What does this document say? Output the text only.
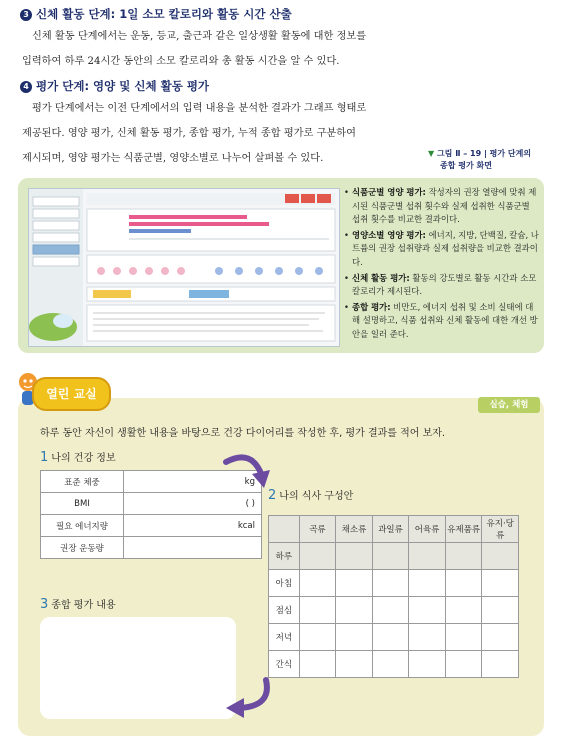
3 신체 활동 단계: 1일 소모 칼로리와 활동 시간 산출
신체 활동 단계에서는 운동, 등교, 출근과 같은 일상생활 활동에 대한 정보를
입력하여 하루 24시간 동안의 소모 칼로리와 총 활동 시간을 알 수 있다.
4 평가 단계: 영양 및 신체 활동 평가
평가 단계에서는 이전 단계에서의 입력 내용을 분석한 결과가 그래프 형태로
제공된다. 영양 평가, 신체 활동 평가, 종합 평가, 누적 종합 평가로 구분하여
제시되며, 영양 평가는 식품군별, 영양소별로 나누어 살펴볼 수 있다.	▼ 그림 Ⅱ – 19 | 평가 단계의
종합 평가 화면
• 식품군별 영양 평가: 작성자의 권장 열량에 맞춰 제시된 식품군별 섭취 횟수와 실제 섭취한 식품군별 섭취 횟수를 비교한 결과이다.
• 영양소별 영양 평가: 에너지, 지방, 단백질, 칼슘, 나트륨의 권장 섭취량과 실제 섭취량을 비교한 결과이다.
• 신체 활동 평가: 활동의 강도별로 활동 시간과 소모 칼로리가 제시된다.
• 종합 평가: 비만도, 에너지 섭취 및 소비 실태에 대해 설명하고, 식품 섭취와 신체 활동에 대한 개선 방안을 일러 준다.
열린 교실
실습, 체험
하루 동안 자신이 생활한 내용을 바탕으로 건강 다이어리를 작성한 후, 평가 결과를 적어 보자.
1 나의 건강 정보
표준 체중	kg
BMI	( )
필요 에너지량	kcal
권장 운동량	
2 나의 식사 구성안
	곡류	채소류	과일류	어육류	유제품류	유지·당류
하루						
아침						
점심						
저녁						
간식						
3 종합 평가 내용
